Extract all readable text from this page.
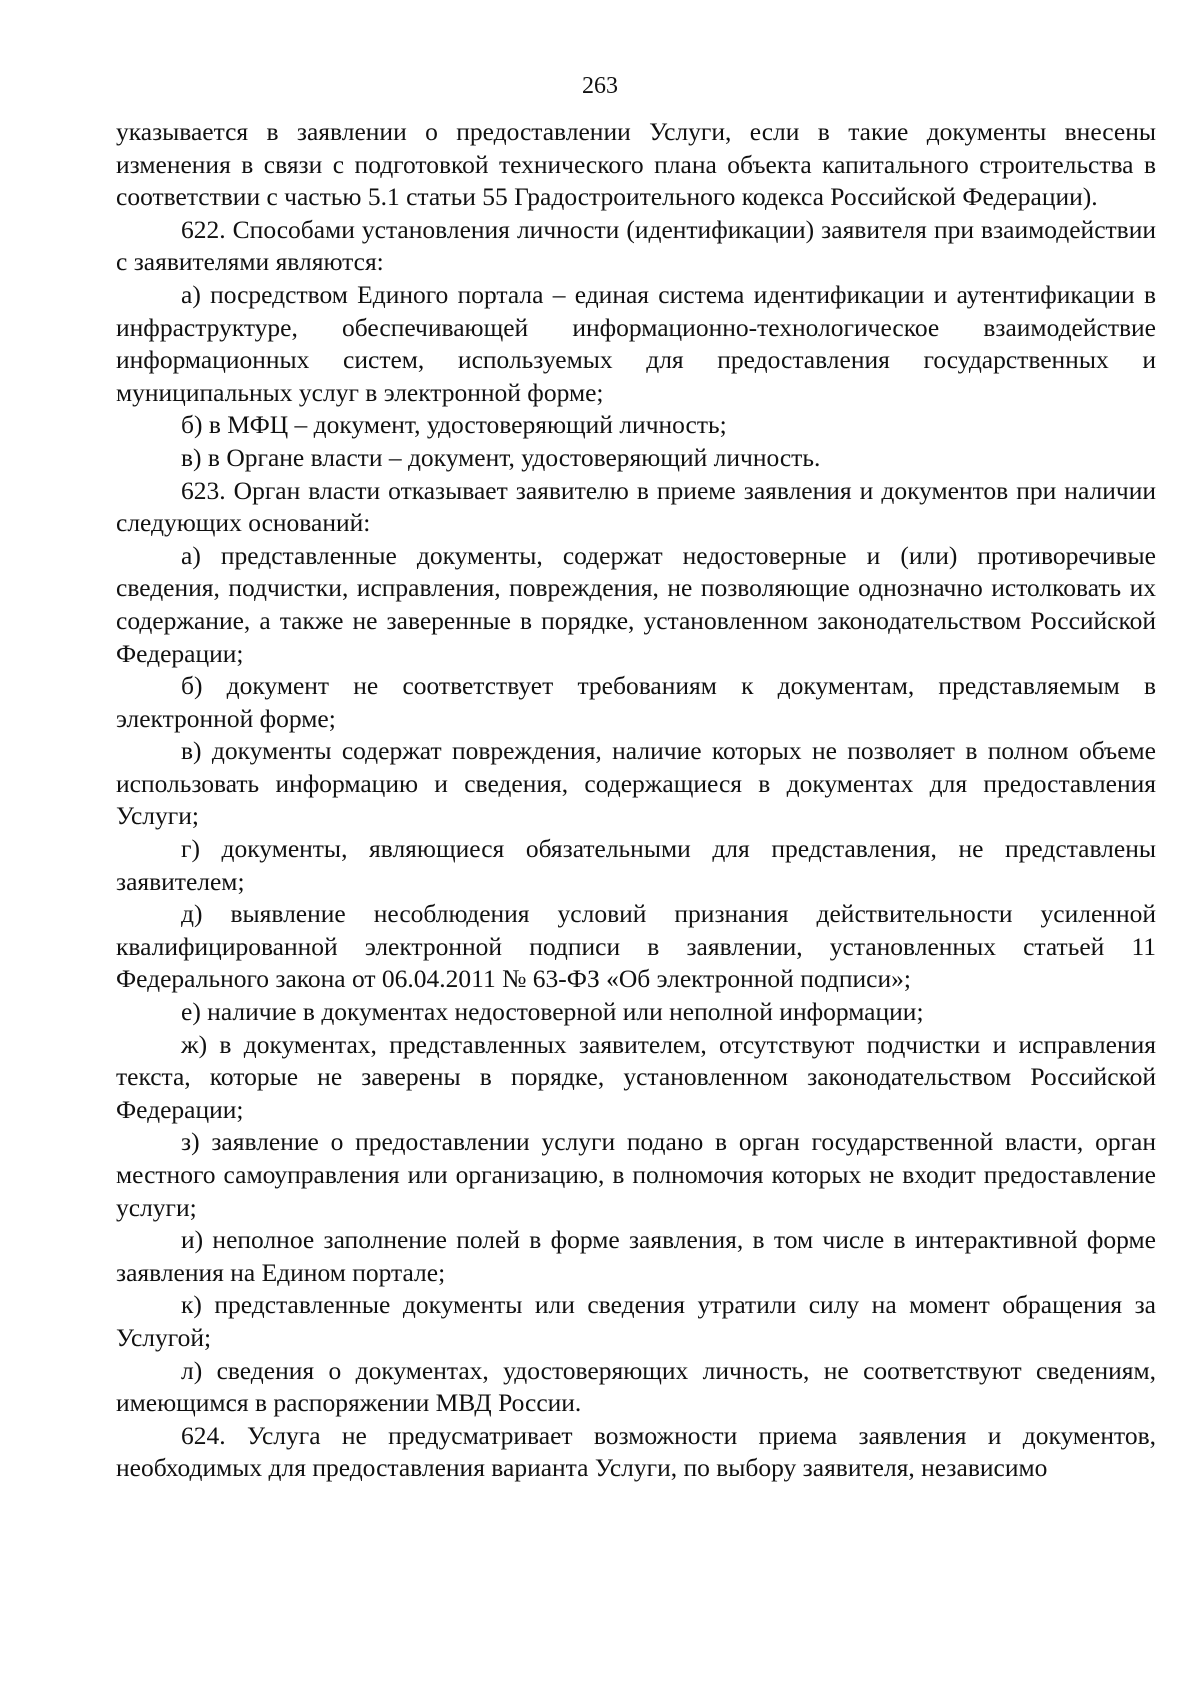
263

указывается в заявлении о предоставлении Услуги, если в такие документы внесены изменения в связи с подготовкой технического плана объекта капитального строительства в соответствии с частью 5.1 статьи 55 Градостроительного кодекса Российской Федерации).

622. Способами установления личности (идентификации) заявителя при взаимодействии с заявителями являются:

а) посредством Единого портала – единая система идентификации и аутентификации в инфраструктуре, обеспечивающей информационно-технологическое взаимодействие информационных систем, используемых для предоставления государственных и муниципальных услуг в электронной форме;

б) в МФЦ – документ, удостоверяющий личность;

в) в Органе власти – документ, удостоверяющий личность.

623. Орган власти отказывает заявителю в приеме заявления и документов при наличии следующих оснований:

а) представленные документы, содержат недостоверные и (или) противоречивые сведения, подчистки, исправления, повреждения, не позволяющие однозначно истолковать их содержание, а также не заверенные в порядке, установленном законодательством Российской Федерации;

б) документ не соответствует требованиям к документам, представляемым в электронной форме;

в) документы содержат повреждения, наличие которых не позволяет в полном объеме использовать информацию и сведения, содержащиеся в документах для предоставления Услуги;

г) документы, являющиеся обязательными для представления, не представлены заявителем;

д) выявление несоблюдения условий признания действительности усиленной квалифицированной электронной подписи в заявлении, установленных статьей 11 Федерального закона от 06.04.2011 № 63-ФЗ «Об электронной подписи»;

е) наличие в документах недостоверной или неполной информации;

ж) в документах, представленных заявителем, отсутствуют подчистки и исправления текста, которые не заверены в порядке, установленном законодательством Российской Федерации;

з) заявление о предоставлении услуги подано в орган государственной власти, орган местного самоуправления или организацию, в полномочия которых не входит предоставление услуги;

и) неполное заполнение полей в форме заявления, в том числе в интерактивной форме заявления на Едином портале;

к) представленные документы или сведения утратили силу на момент обращения за Услугой;

л) сведения о документах, удостоверяющих личность, не соответствуют сведениям, имеющимся в распоряжении МВД России.

624. Услуга не предусматривает возможности приема заявления и документов, необходимых для предоставления варианта Услуги, по выбору заявителя, независимо
